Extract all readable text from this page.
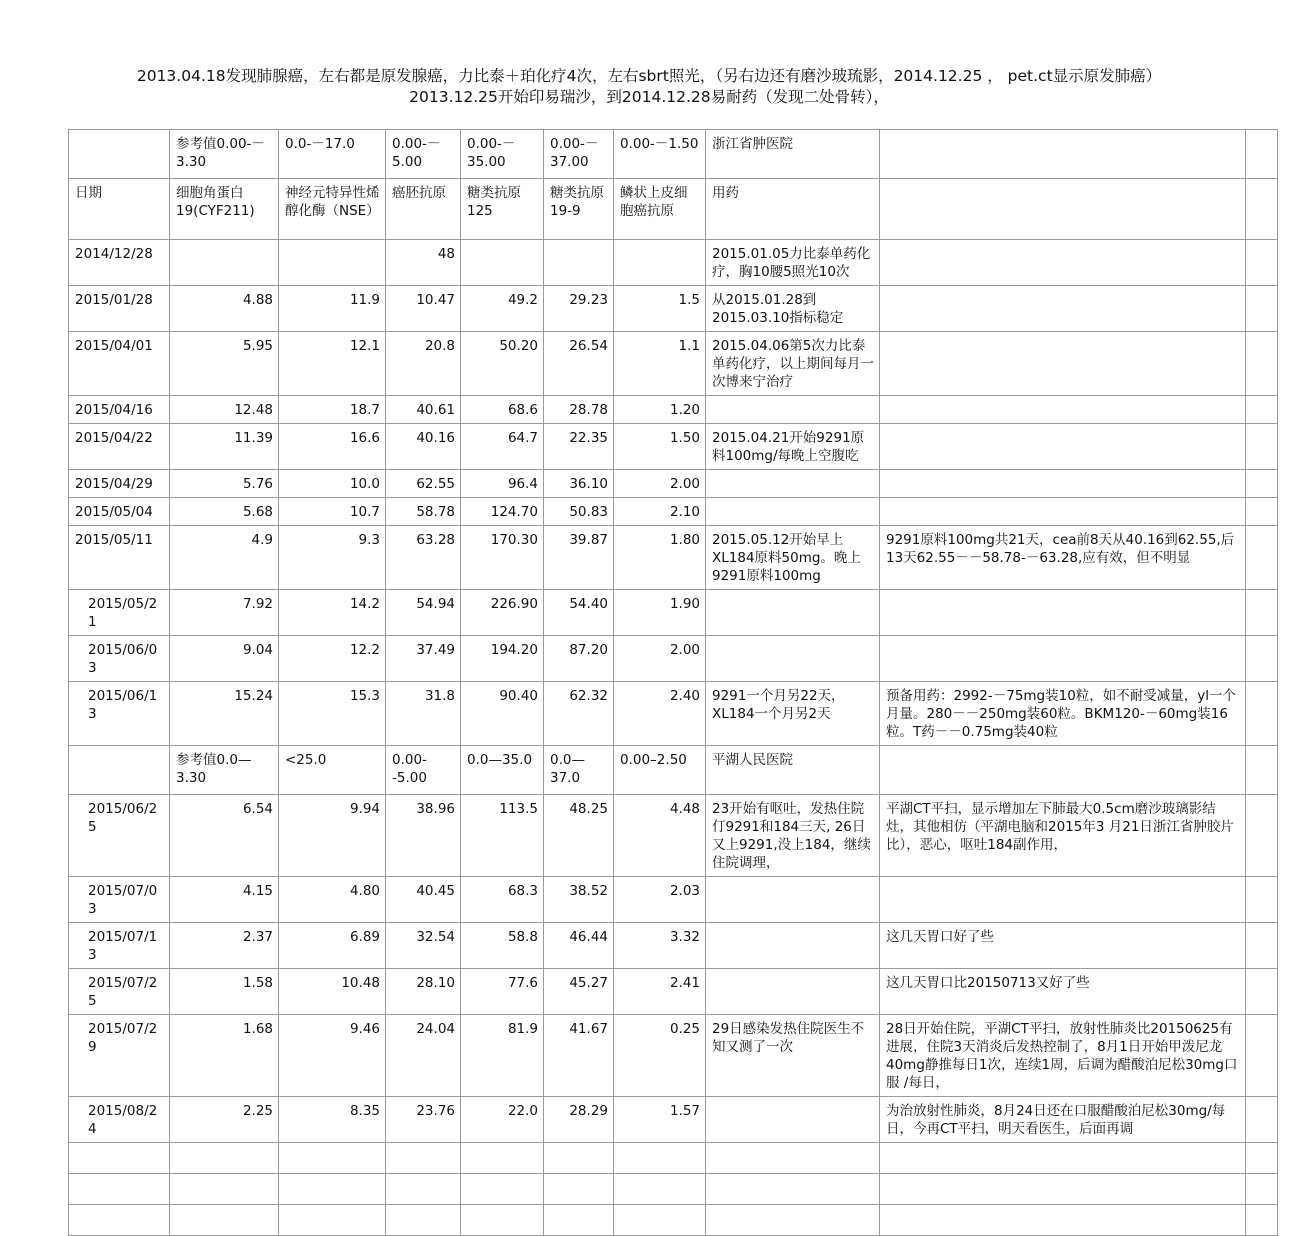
2013.04.18发现肺腺癌，左右都是原发腺癌，力比泰＋珀化疗4次，左右sbrt照光，（另右边还有磨沙玻琉影，2014.12.25 ， pet.ct显示原发肺癌）
2013.12.25开始印易瑞沙，到2014.12.28易耐药（发现二处骨转），
	参考值0.00-－3.30	0.0-－17.0	0.00-－5.00	0.00-－35.00	0.00-－37.00	0.00-－1.50	浙江省肿医院		
日期	细胞角蛋白19(CYF211)	神经元特异性烯醇化酶（NSE）	癌胚抗原	糖类抗原125	糖类抗原19-9	鳞状上皮细胞癌抗原	用药		
2014/12/28			48				2015.01.05力比泰单药化疗，胸10腰5照光10次		
2015/01/28	4.88	11.9	10.47	49.2	29.23	1.5	从2015.01.28到2015.03.10指标稳定		
2015/04/01	5.95	12.1	20.8	50.20	26.54	1.1	2015.04.06第5次力比泰单药化疗，以上期间每月一次博来宁治疗		
2015/04/16	12.48	18.7	40.61	68.6	28.78	1.20			
2015/04/22	11.39	16.6	40.16	64.7	22.35	1.50	2015.04.21开始9291原料100mg/每晚上空腹吃		
2015/04/29	5.76	10.0	62.55	96.4	36.10	2.00			
2015/05/04	5.68	10.7	58.78	124.70	50.83	2.10			
2015/05/11	4.9	9.3	63.28	170.30	39.87	1.80	2015.05.12开始早上XL184原料50mg。晚上9291原料100mg	9291原料100mg共21天，cea前8天从40.16到62.55,后13天62.55－－58.78-－63.28,应有效，但不明显	
2015/05/21	7.92	14.2	54.94	226.90	54.40	1.90			
2015/06/03	9.04	12.2	37.49	194.20	87.20	2.00			
2015/06/13	15.24	15.3	31.8	90.40	62.32	2.40	9291一个月另22天，XL184一个月另2天	预备用药：2992-－75mg装10粒，如不耐受减量，yl一个月量。280－－250mg装60粒。BKM120-－60mg装16粒。T药－－0.75mg装40粒	
	参考值0.0—3.30	<25.0	0.00--5.00	0.0—35.0	0.0—37.0	0.00–2.50	平湖人民医院		
2015/06/25	6.54	9.94	38.96	113.5	48.25	4.48	23开始有呕吐，发热住院仃9291和184三天, 26日又上9291,没上184，继续住院调理，	平湖CT平扫，显示增加左下肺最大0.5cm磨沙玻璃影结灶，其他相仿（平湖电脑和2015年3 月21日浙江省肿胶片比），恶心，呕吐184副作用，	
2015/07/03	4.15	4.80	40.45	68.3	38.52	2.03			
2015/07/13	2.37	6.89	32.54	58.8	46.44	3.32		这几天胃口好了些	
2015/07/25	1.58	10.48	28.10	77.6	45.27	2.41		这几天胃口比20150713又好了些	
2015/07/29	1.68	9.46	24.04	81.9	41.67	0.25	29日感染发热住院医生不知又测了一次	28日开始住院，平湖CT平扫，放射性肺炎比20150625有进展，住院3天消炎后发热控制了，8月1日开始甲泼尼龙40mg静推每日1次，连续1周，后调为醋酸泊尼松30mg口服 /每日，	
2015/08/24	2.25	8.35	23.76	22.0	28.29	1.57		为治放射性肺炎，8月24日还在口服醋酸泊尼松30mg/每日，今再CT平扫，明天看医生，后面再调	
